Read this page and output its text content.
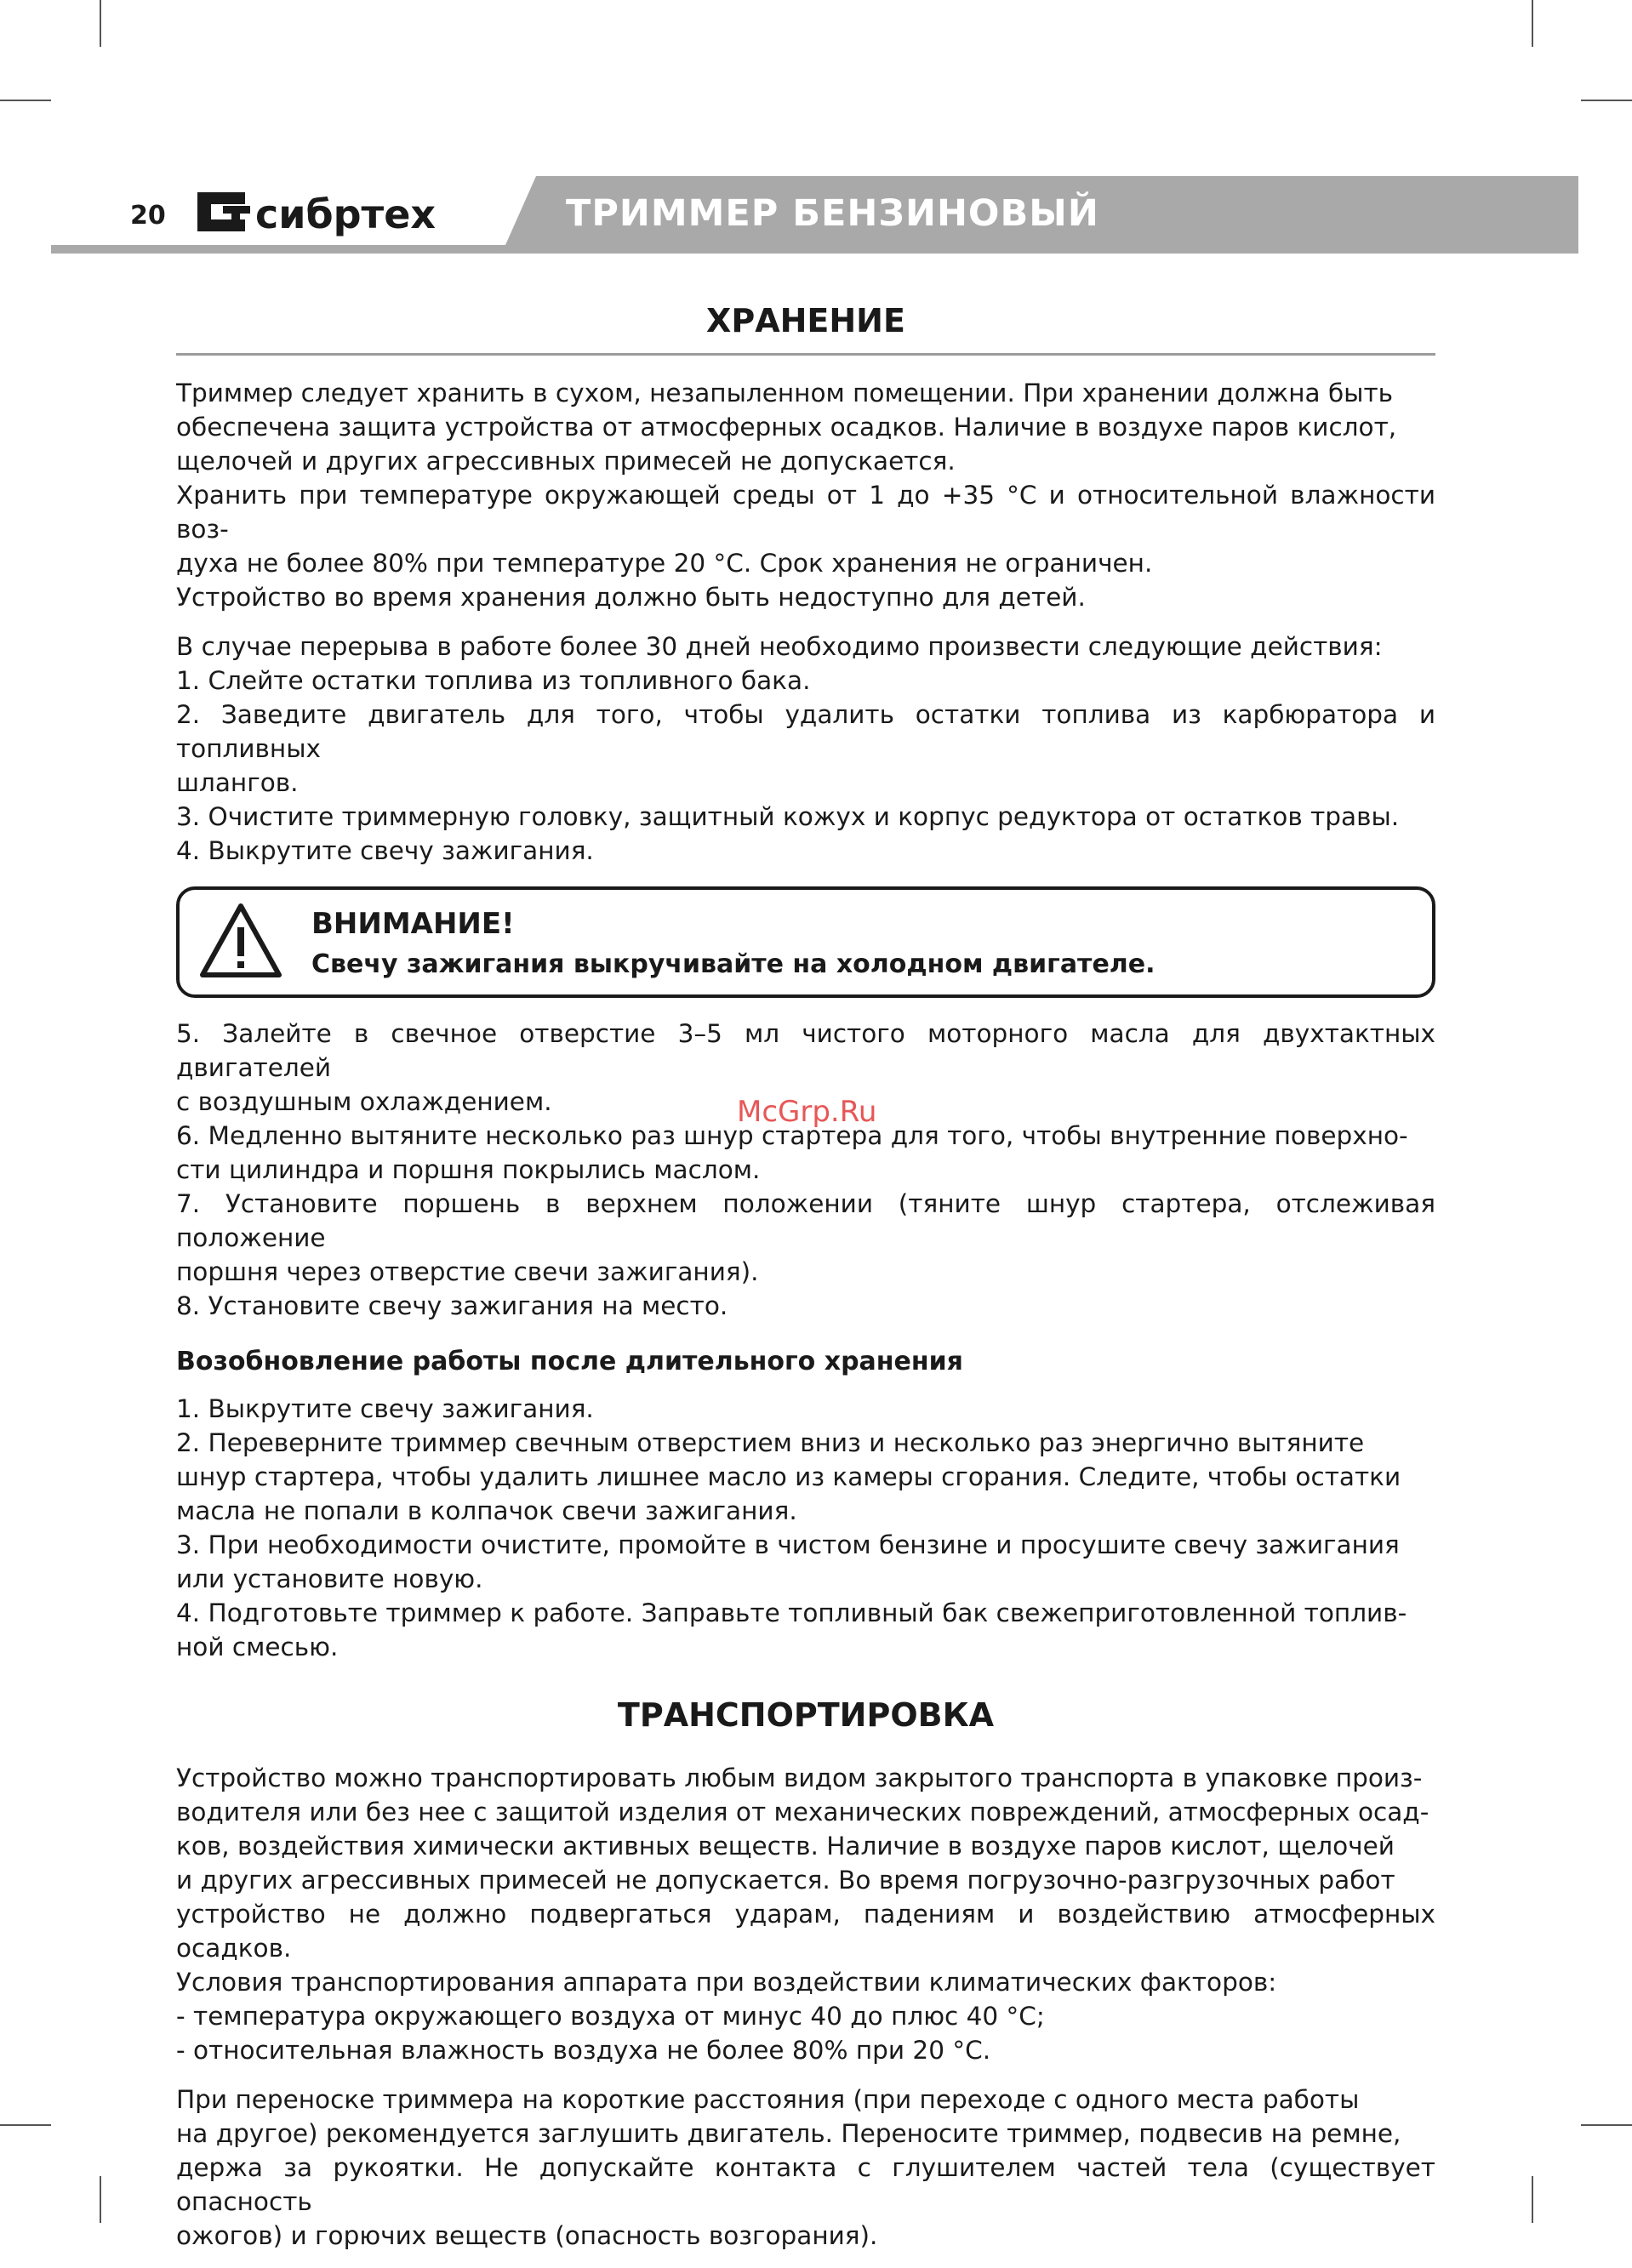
20 сибртех	ТРИММЕР БЕНЗИНОВЫЙ
ХРАНЕНИЕ

Триммер следует хранить в сухом, незапыленном помещении. При хранении должна быть
обеспечена защита устройства от атмосферных осадков. Наличие в воздухе паров кислот,
щелочей и других агрессивных примесей не допускается.
Хранить при температуре окружающей среды от 1 до +35 °С и относительной влажности воз-
духа не более 80% при температуре 20 °С. Срок хранения не ограничен.
Устройство во время хранения должно быть недоступно для детей.

В случае перерыва в работе более 30 дней необходимо произвести следующие действия:
1. Слейте остатки топлива из топливного бака.
2. Заведите двигатель для того, чтобы удалить остатки топлива из карбюратора и топливных
шлангов.
3. Очистите триммерную головку, защитный кожух и корпус редуктора от остатков травы.
4. Выкрутите свечу зажигания.

ВНИМАНИЕ!
Свечу зажигания выкручивайте на холодном двигателе.

5. Залейте в свечное отверстие 3–5 мл чистого моторного масла для двухтактных двигателей
с воздушным охлаждением.
6. Медленно вытяните несколько раз шнур стартера для того, чтобы внутренние поверхно-
сти цилиндра и поршня покрылись маслом.
7. Установите поршень в верхнем положении (тяните шнур стартера, отслеживая положение
поршня через отверстие свечи зажигания).
8. Установите свечу зажигания на место.

Возобновление работы после длительного хранения

1. Выкрутите свечу зажигания.
2. Переверните триммер свечным отверстием вниз и несколько раз энергично вытяните
шнур стартера, чтобы удалить лишнее масло из камеры сгорания. Следите, чтобы остатки
масла не попали в колпачок свечи зажигания.
3. При необходимости очистите, промойте в чистом бензине и просушите свечу зажигания
или установите новую.
4. Подготовьте триммер к работе. Заправьте топливный бак свежеприготовленной топлив-
ной смесью.

ТРАНСПОРТИРОВКА

Устройство можно транспортировать любым видом закрытого транспорта в упаковке произ-
водителя или без нее с защитой изделия от механических повреждений, атмосферных осад-
ков, воздействия химически активных веществ. Наличие в воздухе паров кислот, щелочей
и других агрессивных примесей не допускается. Во время погрузочно-разгрузочных работ
устройство не должно подвергаться ударам, падениям и воздействию атмосферных осадков.
Условия транспортирования аппарата при воздействии климатических факторов:
- температура окружающего воздуха от минус 40 до плюс 40 °С;
- относительная влажность воздуха не более 80% при 20 °С.

При переноске триммера на короткие расстояния (при переходе с одного места работы
на другое) рекомендуется заглушить двигатель. Переносите триммер, подвесив на ремне,
держа за рукоятки. Не допускайте контакта с глушителем частей тела (существует опасность
ожогов) и горючих веществ (опасность возгорания).

McGrp.Ru
